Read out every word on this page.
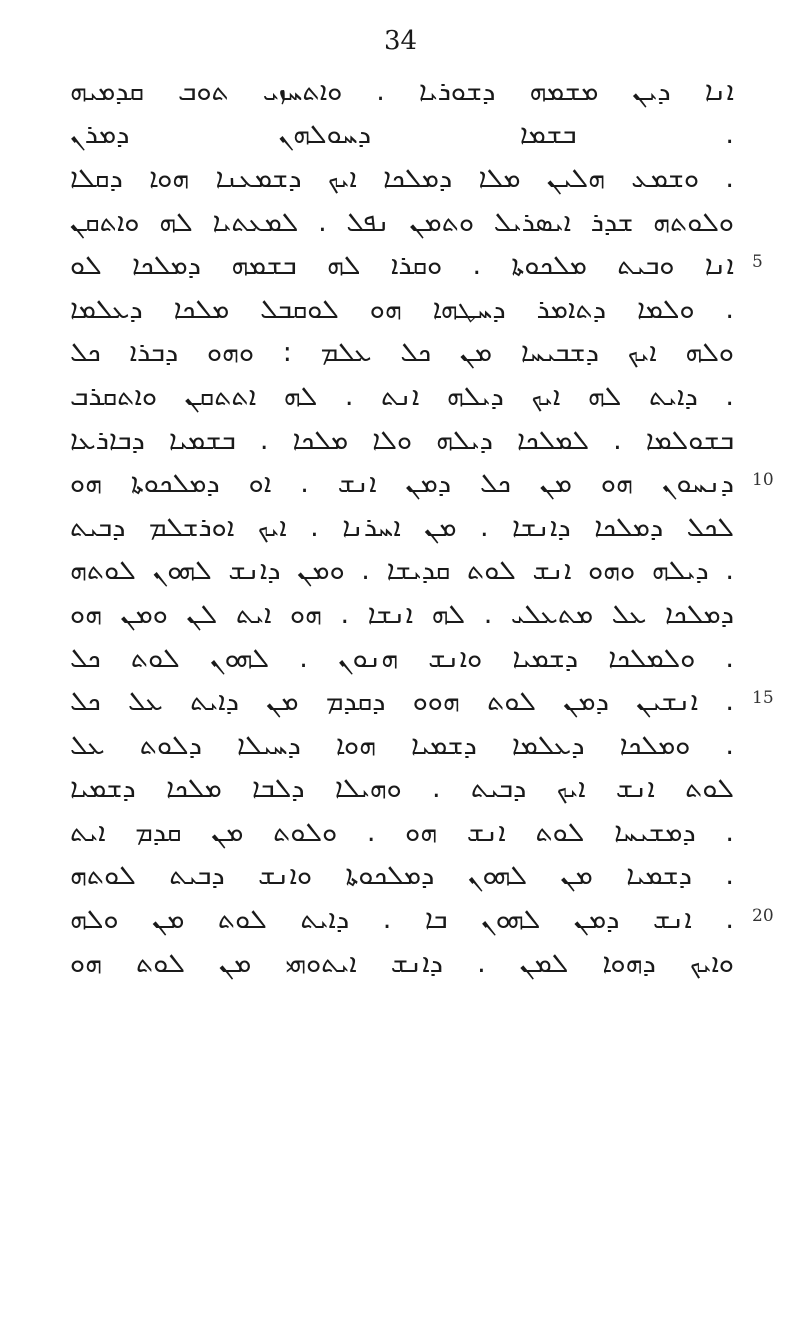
34
ܐܢܐ ܕܝܢ ܡܫܡܗ ܕܫܘܪܝܐ . ܘܐܬܚܙܝ ܬܘܒ ܩܕܡܝܗ
. ܒܫܡܐ ܕܚܘܠܗܢ ܕܡܪܢ
. ܘܫܡܥ ܗܠܝܢ ܡܠܐ ܕܡܠܟܐ ܐܝܟ ܕܫܡܥܢܐ ܗܘܐ ܕܩܠܐ
ܘܠܘܬܗ ܫܕܪ ܐܝܣܪܝܠ ܘܬܡܢ ܢܦܠ . ܠܡܥܬܝܐ ܠܗ ܘܐܬܩܢ
ܐܢܐ ܘܒܝܬ ܡܠܟܘܬܐ . ܘܩܪܐ ܠܗ ܒܫܡܗ ܕܡܠܟܐ ܠܘ 5
. ܘܠܡܐ ܕܬܐܡܪ ܕܚܛܗܐ ܗܘ ܠܘܩܒܠ ܡܠܟܐ ܕܥܠܡܐ
ܘܠܗ ܐܝܟ ܕܫܒܝܚܐ ܡܢ ܟܠ ܥܠܡ : ܘܗܘ ܕܒܪܐ ܟܠ
. ܕܐܝܬ ܠܗ ܐܝܟ ܕܝܠܗ ܐܢܬ . ܠܗ ܐܬܬܩܢ ܘܐܬܩܪܒ
ܒܫܘܠܡܐ . ܠܡܠܟܐ ܕܝܠܗ ܘܠܐ ܡܠܟܐ . ܒܫܡܝܐ ܕܒܐܪܥܐ
ܕܢܚܘܢ ܗܘ ܡܢ ܟܠ ܕܡܢ ܐܢܫ . ܐܘ ܕܡܠܟܘܬܐ ܗܘ 10
ܠܟܠ ܕܡܠܟܐ ܕܐܢܫܐ . ܡܢ ܐܚܪܢܐ . ܐܝܟ ܐܘܪܫܠܡ ܕܒܝܬ
. ܕܝܠܗ ܘܗܘ ܐܢܫ ܠܘܬ ܩܕܝܫܐ . ܘܡܢ ܕܐܢܫ ܠܗܘܢ ܠܘܬܗ
ܕܡܠܟܐ ܥܠ ܡܬܥܠܝ . ܠܗ ܐܢܫܐ . ܗܘ ܐܝܬ ܠܢ ܘܡܢ ܗܘ
. ܘܠܡܠܟܐ ܕܫܡܝܐ ܘܐܢܫ ܗܢܘܢ . ܠܗܘܢ ܠܘܬ ܟܠ
. ܐܢܫܝܢ ܕܡܢ ܠܘܬ ܗܘܘ ܕܩܕܡ ܡܢ ܕܐܝܬ ܥܠ ܟܠ 15
. ܘܡܠܟܐ ܕܥܠܡܐ ܕܫܡܝܐ ܗܘܐ ܕܚܝܠܐ ܕܠܘܬ ܥܠ
ܠܘܬ ܐܢܫ ܐܝܟ ܕܒܝܬ . ܘܗܝܠܐ ܕܠܒܐ ܡܠܟܐ ܕܫܡܝܐ
. ܕܡܫܝܚܐ ܠܘܬ ܐܢܫ ܗܘ . ܘܠܘܬ ܡܢ ܩܕܡ ܐܝܬ
. ܕܫܡܝܐ ܡܢ ܠܗܘܢ ܕܡܠܟܘܬܐ ܘܐܢܫ ܕܒܝܬ ܠܘܬܗ
. ܐܢܫ ܕܡܢ ܠܗܘܢ ܒܐ . ܕܐܝܬ ܠܘܬ ܡܢ ܘܠܗ 20
ܘܐܝܟ ܕܗܘܐ ܠܡܢ . ܕܐܢܫ ܐܝܬܘܗܝ ܡܢ ܠܘܬ ܗܘ
